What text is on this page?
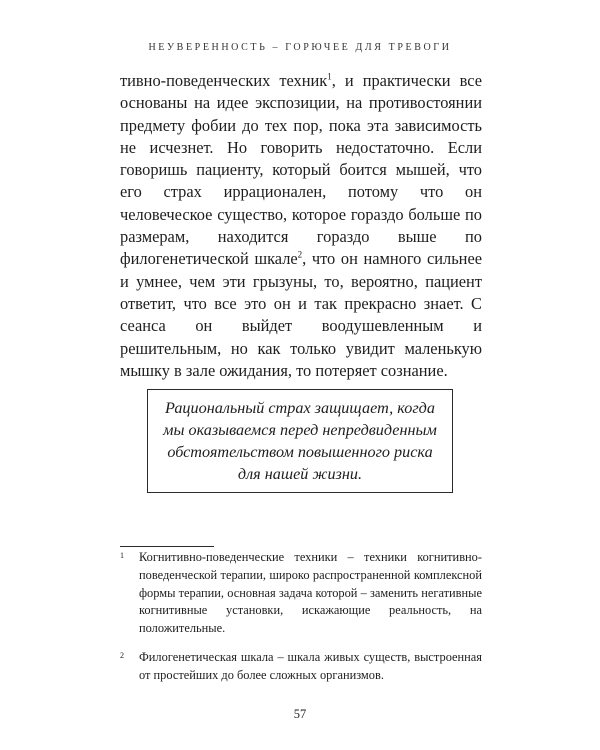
НЕУВЕРЕННОСТЬ – ГОРЮЧЕЕ ДЛЯ ТРЕВОГИ
тивно-поведенческих техник$^1$, и практически все основаны на идее экспозиции, на противостоянии предмету фобии до тех пор, пока эта зависимость не исчезнет. Но говорить недостаточно. Если говоришь пациенту, который боится мышей, что его страх иррационален, потому что он человеческое существо, которое гораздо больше по размерам, находится гораздо выше по филогенетической шкале$^2$, что он намного сильнее и умнее, чем эти грызуны, то, вероятно, пациент ответит, что все это он и так прекрасно знает. С сеанса он выйдет воодушевленным и решительным, но как только увидит маленькую мышку в зале ожидания, то потеряет сознание.

Рациональный страх защищает, когда
мы оказываемся перед непредвиденным
обстоятельством повышенного риска
для нашей жизни.

1 Когнитивно-поведенческие техники – техники когнитивно-поведенческой терапии, широко распространенной комплексной формы терапии, основная задача которой – заменить негативные когнитивные установки, искажающие реальность, на положительные.
2 Филогенетическая шкала – шкала живых существ, выстроенная от простейших до более сложных организмов.
57
